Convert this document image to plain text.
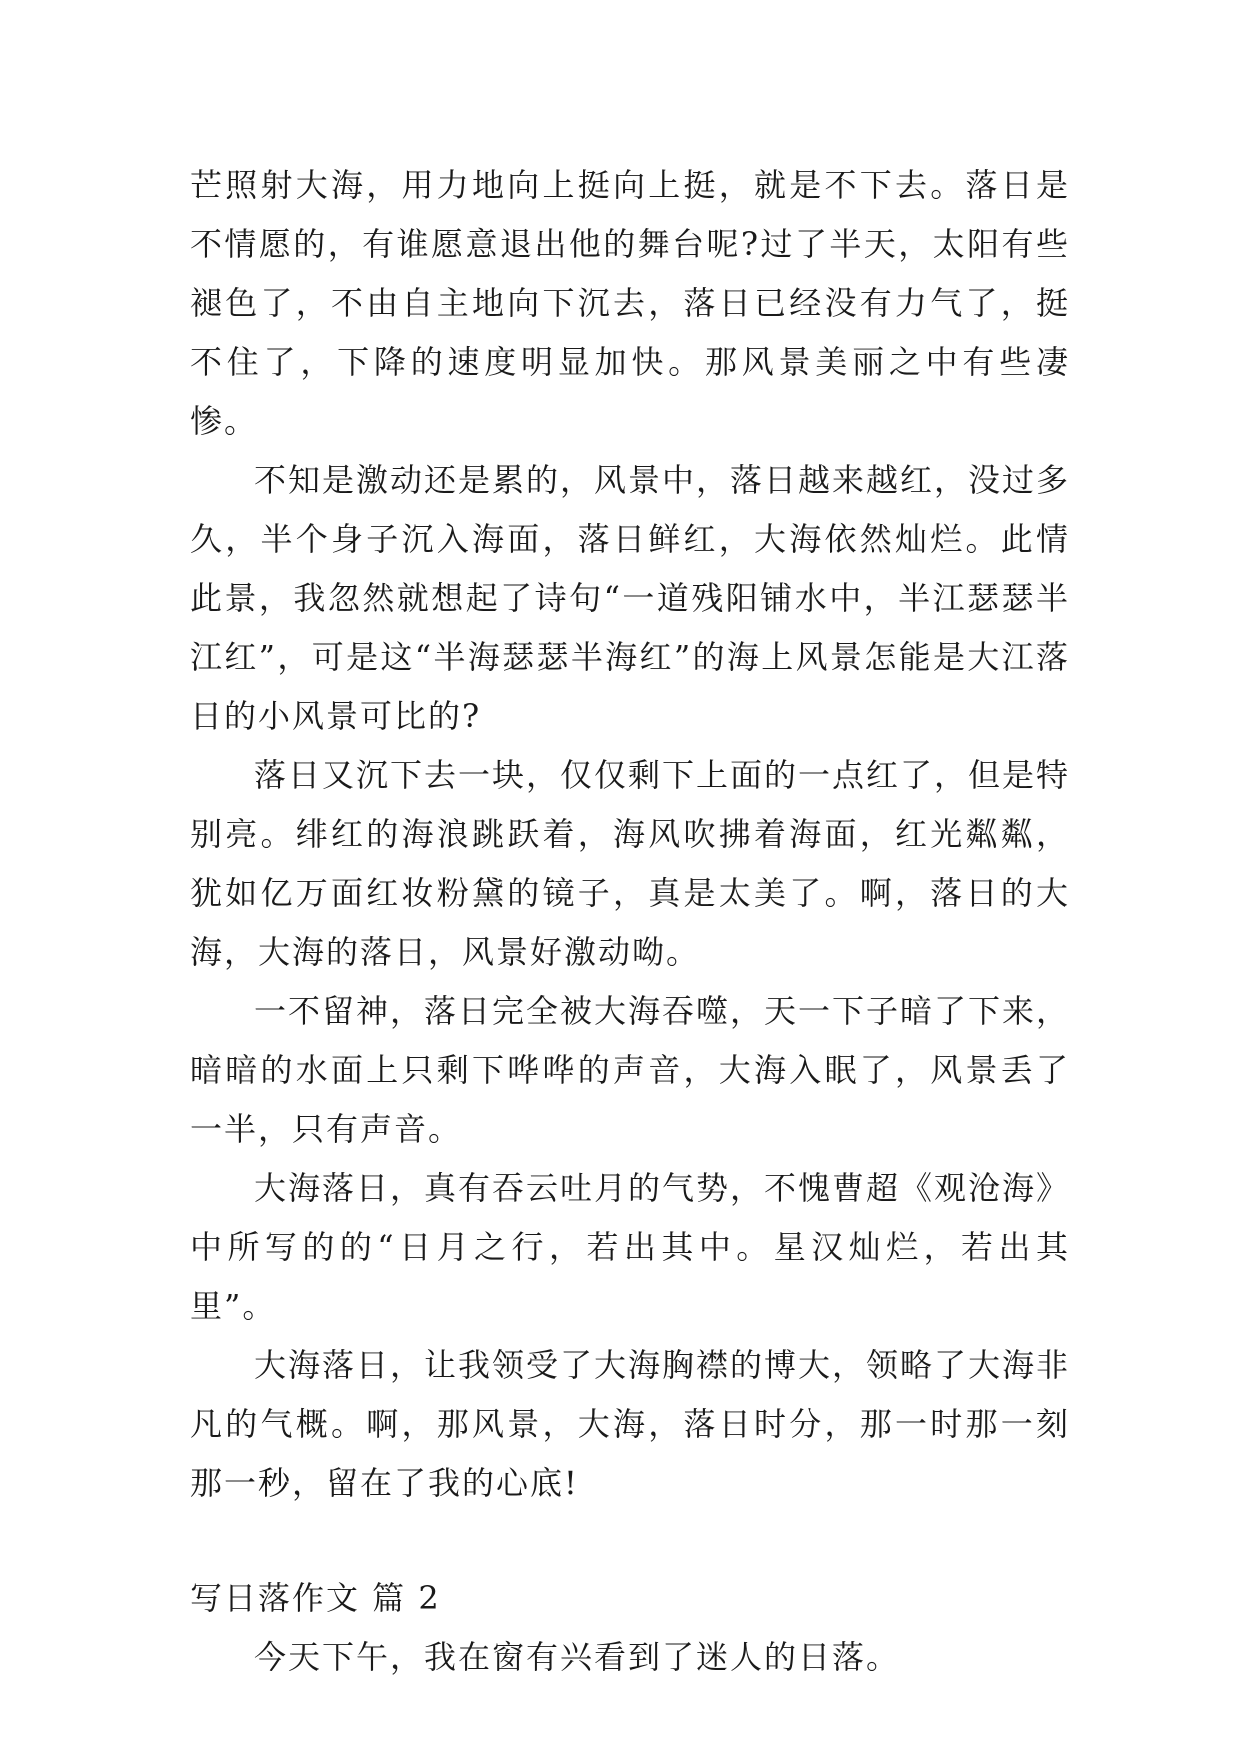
芒照射大海，用力地向上挺向上挺，就是不下去。落日是不情愿的，有谁愿意退出他的舞台呢?过了半天，太阳有些褪色了，不由自主地向下沉去，落日已经没有力气了，挺不住了，下降的速度明显加快。那风景美丽之中有些凄惨。

不知是激动还是累的，风景中，落日越来越红，没过多久，半个身子沉入海面，落日鲜红，大海依然灿烂。此情此景，我忽然就想起了诗句“一道残阳铺水中，半江瑟瑟半江红”，可是这“半海瑟瑟半海红”的海上风景怎能是大江落日的小风景可比的?

落日又沉下去一块，仅仅剩下上面的一点红了，但是特别亮。绯红的海浪跳跃着，海风吹拂着海面，红光粼粼，犹如亿万面红妆粉黛的镜子，真是太美了。啊，落日的大海，大海的落日，风景好激动呦。

一不留神，落日完全被大海吞噬，天一下子暗了下来，暗暗的水面上只剩下哗哗的声音，大海入眠了，风景丢了一半，只有声音。

大海落日，真有吞云吐月的气势，不愧曹超《观沧海》中所写的的“日月之行，若出其中。星汉灿烂，若出其里”。

大海落日，让我领受了大海胸襟的博大，领略了大海非凡的气概。啊，那风景，大海，落日时分，那一时那一刻那一秒，留在了我的心底!

写日落作文 篇 2

今天下午，我在窗有兴看到了迷人的日落。
